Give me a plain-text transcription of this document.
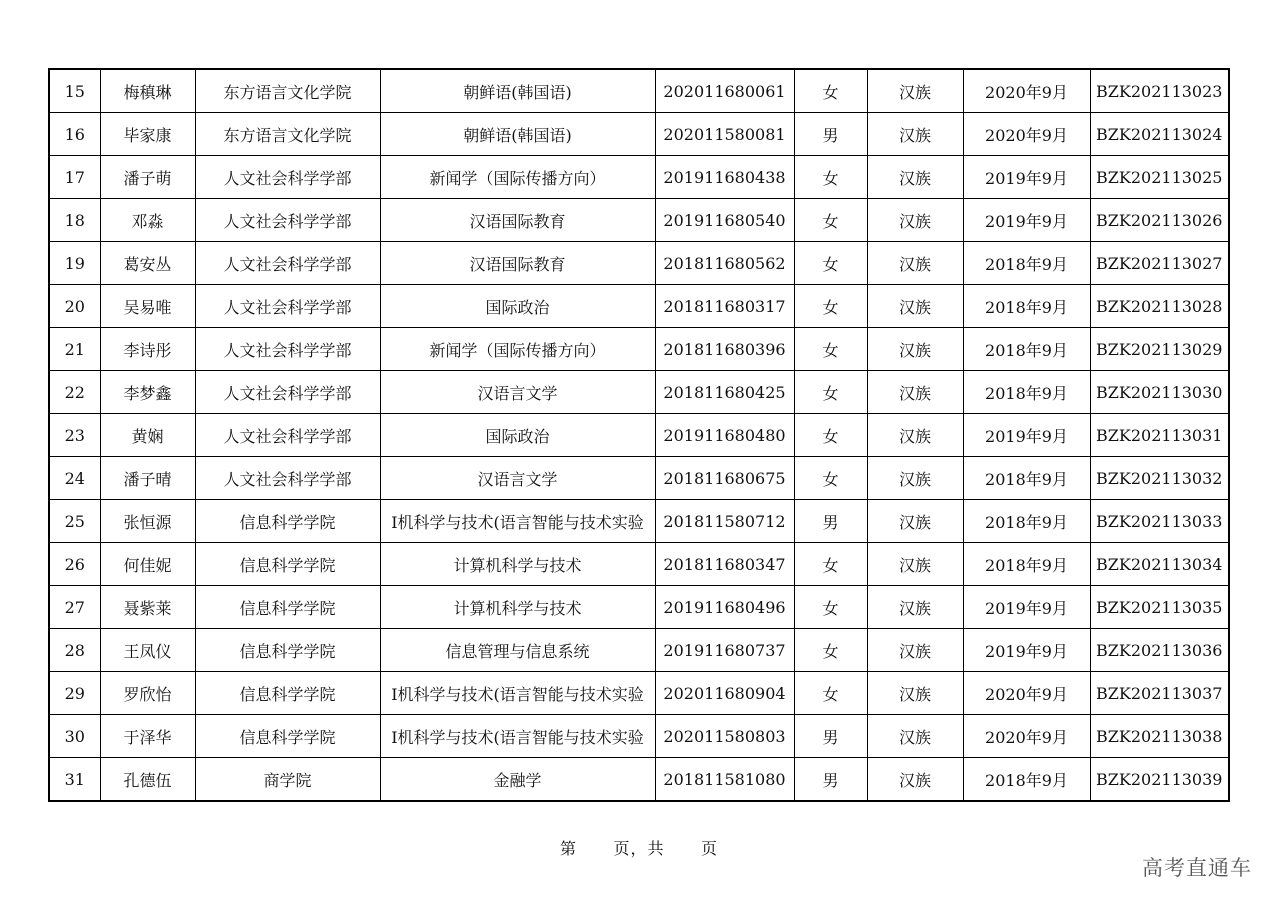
15	梅稹琳	东方语言文化学院	朝鲜语(韩国语)	202011680061	女	汉族	2020年9月	BZK202113023
16	毕家康	东方语言文化学院	朝鲜语(韩国语)	202011580081	男	汉族	2020年9月	BZK202113024
17	潘子萌	人文社会科学学部	新闻学（国际传播方向）	201911680438	女	汉族	2019年9月	BZK202113025
18	邓淼	人文社会科学学部	汉语国际教育	201911680540	女	汉族	2019年9月	BZK202113026
19	葛安丛	人文社会科学学部	汉语国际教育	201811680562	女	汉族	2018年9月	BZK202113027
20	吴易唯	人文社会科学学部	国际政治	201811680317	女	汉族	2018年9月	BZK202113028
21	李诗彤	人文社会科学学部	新闻学（国际传播方向）	201811680396	女	汉族	2018年9月	BZK202113029
22	李梦鑫	人文社会科学学部	汉语言文学	201811680425	女	汉族	2018年9月	BZK202113030
23	黄娴	人文社会科学学部	国际政治	201911680480	女	汉族	2019年9月	BZK202113031
24	潘子晴	人文社会科学学部	汉语言文学	201811680675	女	汉族	2018年9月	BZK202113032
25	张恒源	信息科学学院	I机科学与技术(语言智能与技术实验	201811580712	男	汉族	2018年9月	BZK202113033
26	何佳妮	信息科学学院	计算机科学与技术	201811680347	女	汉族	2018年9月	BZK202113034
27	聂紫莱	信息科学学院	计算机科学与技术	201911680496	女	汉族	2019年9月	BZK202113035
28	王凤仪	信息科学学院	信息管理与信息系统	201911680737	女	汉族	2019年9月	BZK202113036
29	罗欣怡	信息科学学院	I机科学与技术(语言智能与技术实验	202011680904	女	汉族	2020年9月	BZK202113037
30	于泽华	信息科学学院	I机科学与技术(语言智能与技术实验	202011580803	男	汉族	2020年9月	BZK202113038
31	孔德伍	商学院	金融学	201811581080	男	汉族	2018年9月	BZK202113039
第      页，共      页
高考直通车
